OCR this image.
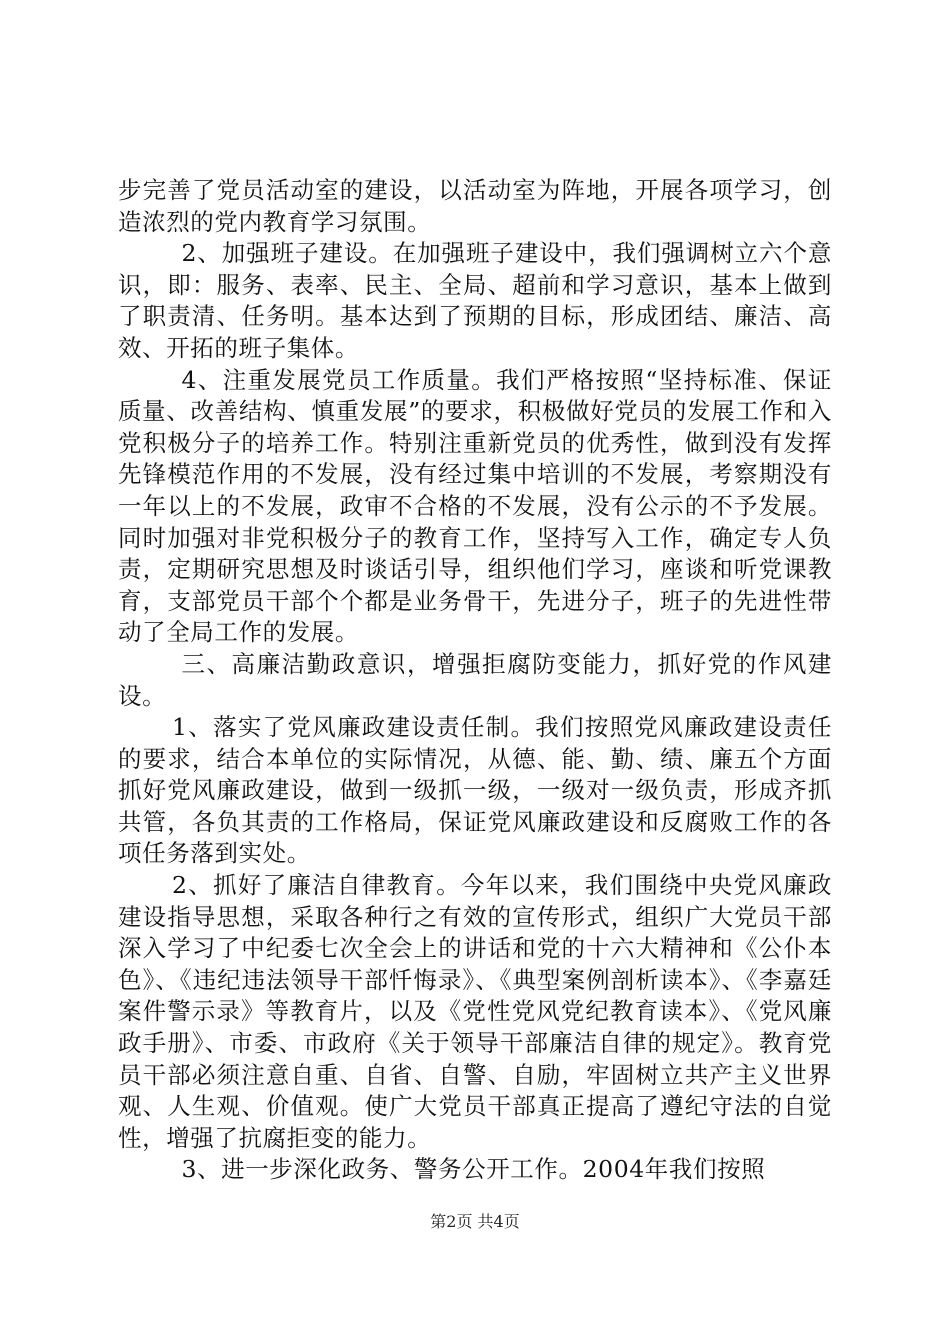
步完善了党员活动室的建设，以活动室为阵地，开展各项学习，创造浓烈的党内教育学习氛围。

2、加强班子建设。在加强班子建设中，我们强调树立六个意识，即：服务、表率、民主、全局、超前和学习意识，基本上做到了职责清、任务明。基本达到了预期的目标，形成团结、廉洁、高效、开拓的班子集体。

4、注重发展党员工作质量。我们严格按照“坚持标准、保证质量、改善结构、慎重发展”的要求，积极做好党员的发展工作和入党积极分子的培养工作。特别注重新党员的优秀性，做到没有发挥先锋模范作用的不发展，没有经过集中培训的不发展，考察期没有一年以上的不发展，政审不合格的不发展，没有公示的不予发展。同时加强对非党积极分子的教育工作，坚持写入工作，确定专人负责，定期研究思想及时谈话引导，组织他们学习，座谈和听党课教育，支部党员干部个个都是业务骨干，先进分子，班子的先进性带动了全局工作的发展。

三、高廉洁勤政意识，增强拒腐防变能力，抓好党的作风建设。

1、落实了党风廉政建设责任制。我们按照党风廉政建设责任的要求，结合本单位的实际情况，从德、能、勤、绩、廉五个方面抓好党风廉政建设，做到一级抓一级，一级对一级负责，形成齐抓共管，各负其责的工作格局，保证党风廉政建设和反腐败工作的各项任务落到实处。

2、抓好了廉洁自律教育。今年以来，我们围绕中央党风廉政建设指导思想，采取各种行之有效的宣传形式，组织广大党员干部深入学习了中纪委七次全会上的讲话和党的十六大精神和《公仆本色》、《违纪违法领导干部忏悔录》、《典型案例剖析读本》、《李嘉廷案件警示录》等教育片，以及《党性党风党纪教育读本》、《党风廉政手册》、市委、市政府《关于领导干部廉洁自律的规定》。教育党员干部必须注意自重、自省、自警、自励，牢固树立共产主义世界观、人生观、价值观。使广大党员干部真正提高了遵纪守法的自觉性，增强了抗腐拒变的能力。

3、进一步深化政务、警务公开工作。2004年我们按照

第2页 共4页
